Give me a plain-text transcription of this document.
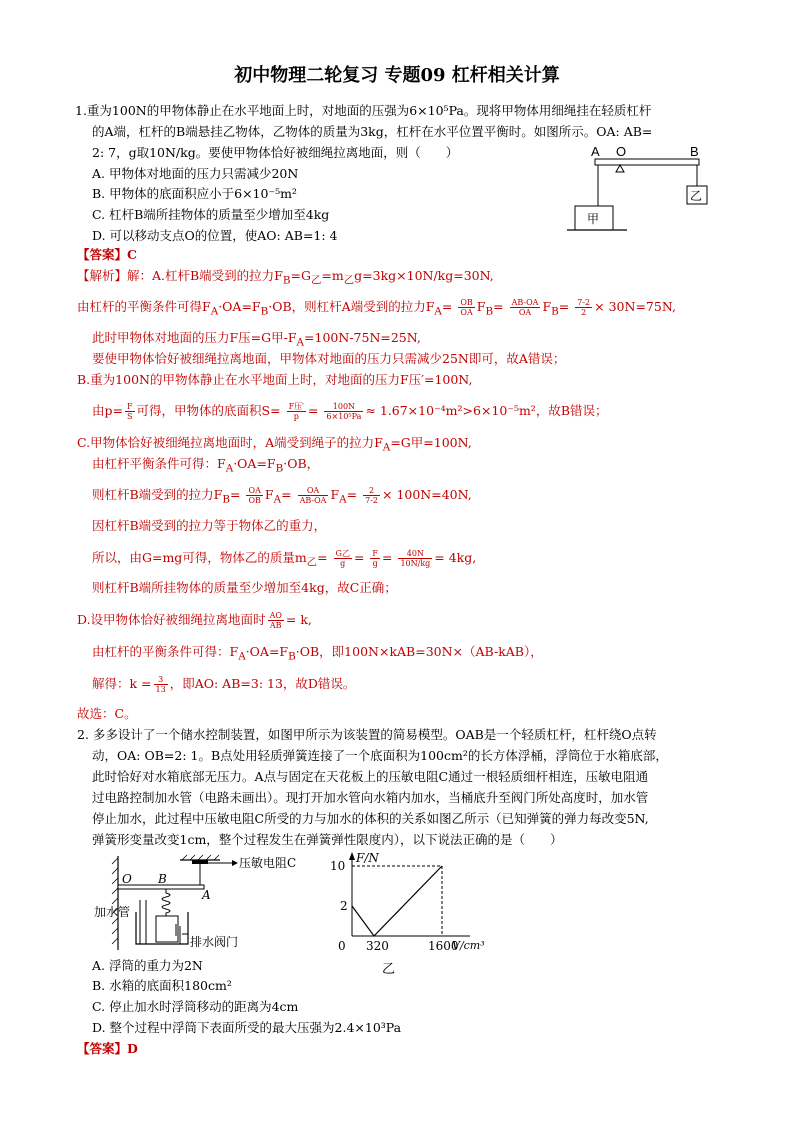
初中物理二轮复习 专题09 杠杆相关计算
1.重为100N的甲物体静止在水平地面上时，对地面的压强为6×10⁵Pa。现将甲物体用细绳挂在轻质杠杆
的A端，杠杆的B端悬挂乙物体，乙物体的质量为3kg，杠杆在水平位置平衡时。如图所示。OA: AB=
2: 7，g取10N/kg。要使甲物体恰好被细绳拉离地面，则（　　）
A. 甲物体对地面的压力只需减少20N
B. 甲物体的底面积应小于6×10⁻⁵m²
C. 杠杆B端所挂物体的质量至少增加至4kg
D. 可以移动支点O的位置，使AO: AB=1: 4
【答案】C
A O	B
乙
甲
【解析】解：A.杠杆B端受到的拉力$F_B=G_乙=m_乙g=3kg\times 10N/kg=30N$,
由杠杆的平衡条件可得$F_A\cdot OA=F_B\cdot OB$，则杠杆A端受到的拉力$F_A= \frac{OB}{OA} F_B= \frac{AB-OA}{OA} F_B= \frac{7-2}{2} \times 30N=75N$,
此时甲物体对地面的压力F压=G甲$-F_A=100N-75N=25N$,
要使甲物体恰好被细绳拉离地面，甲物体对地面的压力只需减少25N即可，故A错误；
B.重为100N的甲物体静止在水平地面上时，对地面的压力F压′=100N,
由$p= \frac{F}{S}$ 可得，甲物体的底面积$S= \frac{\text{F压′}}{p} = \frac{100N}{\text{6×10⁵Pa}} \approx 1.67\times 10^{-4}m^2>6\times 10^{-5}m^2$，故B错误；
C.甲物体恰好被细绳拉离地面时，A端受到绳子的拉力$F_A=G$甲=100N,
由杠杆平衡条件可得：$F_A\cdot OA=F_B\cdot OB$，
则杠杆B端受到的拉力$F_B= \frac{OA}{OB} F_A= \frac{OA}{AB-OA} F_A= \frac{2}{7-2} \times 100N=40N$,
因杠杆B端受到的拉力等于物体乙的重力，
所以，由G=mg可得，物体乙的质量$m_乙= \frac{\text{G乙}}{g} = \frac{F}{g} = \frac{40N}{10N/kg} = 4kg$,
则杠杆B端所挂物体的质量至少增加至4kg，故C正确；
D.设甲物体恰好被细绳拉离地面时 $\frac{AO}{AB} = k$,
由杠杆的平衡条件可得：$F_A\cdot OA=F_B\cdot OB$，即100N×kAB=30N×（AB-kAB），
解得：$k = \frac{3}{13}$ ，即AO: AB=3: 13，故D错误。
故选：C。
2. 多多设计了一个储水控制装置，如图甲所示为该装置的简易模型。OAB是一个轻质杠杆，杠杆绕O点转
动，OA: OB=2: 1。B点处用轻质弹簧连接了一个底面积为100cm²的长方体浮桶，浮筒位于水箱底部，
此时恰好对水箱底部无压力。A点与固定在天花板上的压敏电阻C通过一根轻质细杆相连，压敏电阻通
过电路控制加水管（电路未画出）。现打开加水管向水箱内加水，当桶底升至阀门所处高度时，加水管
停止加水，此过程中压敏电阻C所受的力与加水的体积的关系如图乙所示（已知弹簧的弹力每改变5N,
弹簧形变量改变1cm，整个过程发生在弹簧弹性限度内），以下说法正确的是（　　）
压敏电阻C
O B
A
加水管
排水阀门
F/N
V/cm³
10
2
0 320	1600
乙
A. 浮筒的重力为2N
B. 水箱的底面积180cm²
C. 停止加水时浮筒移动的距离为4cm
D. 整个过程中浮筒下表面所受的最大压强为2.4×10³Pa
【答案】D
